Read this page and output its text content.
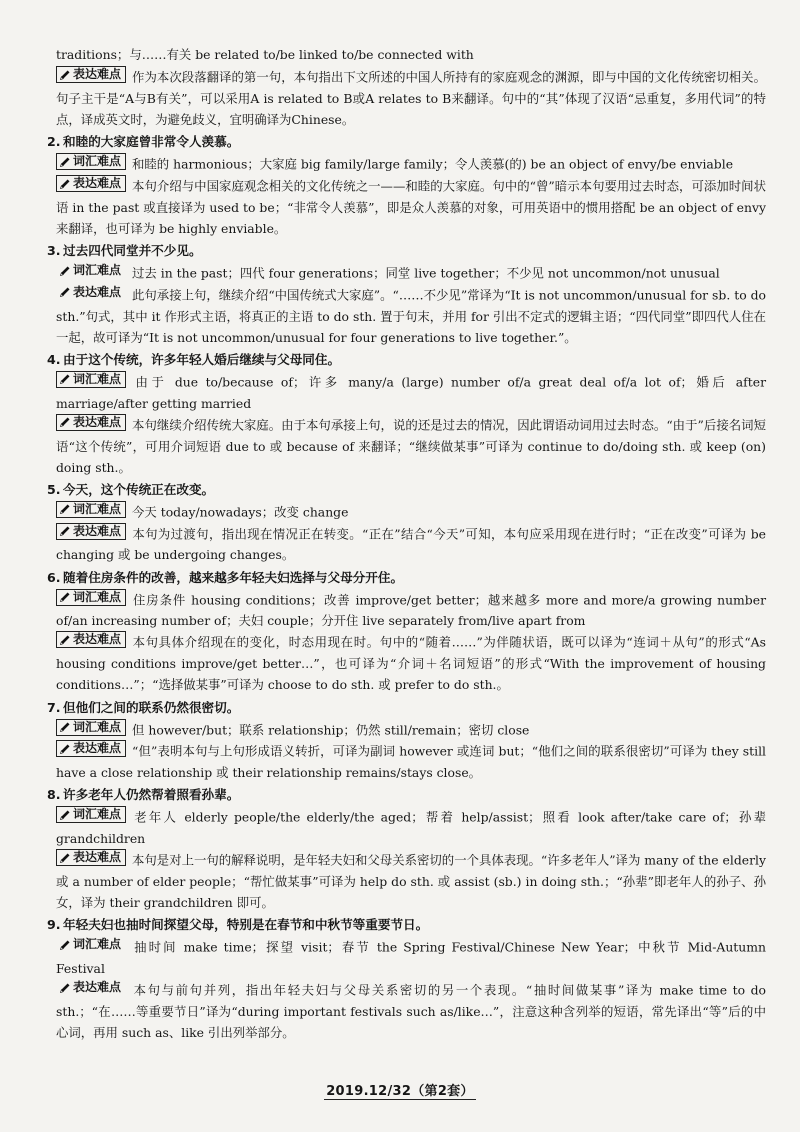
traditions；与……有关 be related to/be linked to/be connected with
表达难点 作为本次段落翻译的第一句，本句指出下文所述的中国人所持有的家庭观念的渊源，即与中国的文化传统密切相关。句子主干是“A与B有关”，可以采用A is related to B或A relates to B来翻译。句中的“其”体现了汉语“忌重复，多用代词”的特点，译成英文时，为避免歧义，宜明确译为Chinese。
2. 和睦的大家庭曾非常令人羡慕。
词汇难点 和睦的 harmonious；大家庭 big family/large family；令人羡慕(的) be an object of envy/be enviable
表达难点 本句介绍与中国家庭观念相关的文化传统之一——和睦的大家庭。句中的“曾”暗示本句要用过去时态，可添加时间状语 in the past 或直接译为 used to be；“非常令人羡慕”，即是众人羡慕的对象，可用英语中的惯用搭配 be an object of envy 来翻译，也可译为 be highly enviable。
3. 过去四代同堂并不少见。
词汇难点 过去 in the past；四代 four generations；同堂 live together；不少见 not uncommon/not unusual
表达难点 此句承接上句，继续介绍“中国传统式大家庭”。“……不少见”常译为“It is not uncommon/unusual for sb. to do sth.”句式，其中 it 作形式主语，将真正的主语 to do sth. 置于句末，并用 for 引出不定式的逻辑主语；“四代同堂”即四代人住在一起，故可译为“It is not uncommon/unusual for four generations to live together.”。
4. 由于这个传统，许多年轻人婚后继续与父母同住。
词汇难点 由于 due to/because of；许多 many/a (large) number of/a great deal of/a lot of；婚后 after marriage/after getting married
表达难点 本句继续介绍传统大家庭。由于本句承接上句，说的还是过去的情况，因此谓语动词用过去时态。“由于”后接名词短语“这个传统”，可用介词短语 due to 或 because of 来翻译；“继续做某事”可译为 continue to do/doing sth. 或 keep (on) doing sth.。
5. 今天，这个传统正在改变。
词汇难点 今天 today/nowadays；改变 change
表达难点 本句为过渡句，指出现在情况正在转变。“正在”结合“今天”可知，本句应采用现在进行时；“正在改变”可译为 be changing 或 be undergoing changes。
6. 随着住房条件的改善，越来越多年轻夫妇选择与父母分开住。
词汇难点 住房条件 housing conditions；改善 improve/get better；越来越多 more and more/a growing number of/an increasing number of；夫妇 couple；分开住 live separately from/live apart from
表达难点 本句具体介绍现在的变化，时态用现在时。句中的“随着……”为伴随状语，既可以译为“连词＋从句”的形式“As housing conditions improve/get better…”，也可译为“介词＋名词短语”的形式“With the improvement of housing conditions…”；“选择做某事”可译为 choose to do sth. 或 prefer to do sth.。
7. 但他们之间的联系仍然很密切。
词汇难点 但 however/but；联系 relationship；仍然 still/remain；密切 close
表达难点 “但”表明本句与上句形成语义转折，可译为副词 however 或连词 but；“他们之间的联系很密切”可译为 they still have a close relationship 或 their relationship remains/stays close。
8. 许多老年人仍然帮着照看孙辈。
词汇难点 老年人 elderly people/the elderly/the aged；帮着 help/assist；照看 look after/take care of；孙辈 grandchildren
表达难点 本句是对上一句的解释说明，是年轻夫妇和父母关系密切的一个具体表现。“许多老年人”译为 many of the elderly 或 a number of elder people；“帮忙做某事”可译为 help do sth. 或 assist (sb.) in doing sth.；“孙辈”即老年人的孙子、孙女，译为 their grandchildren 即可。
9. 年轻夫妇也抽时间探望父母，特别是在春节和中秋节等重要节日。
词汇难点 抽时间 make time；探望 visit；春节 the Spring Festival/Chinese New Year；中秋节 Mid-Autumn Festival
表达难点 本句与前句并列，指出年轻夫妇与父母关系密切的另一个表现。“抽时间做某事”译为 make time to do sth.；“在……等重要节日”译为“during important festivals such as/like…”，注意这种含列举的短语，常先译出“等”后的中心词，再用 such as、like 引出列举部分。
2019.12/32（第2套）
